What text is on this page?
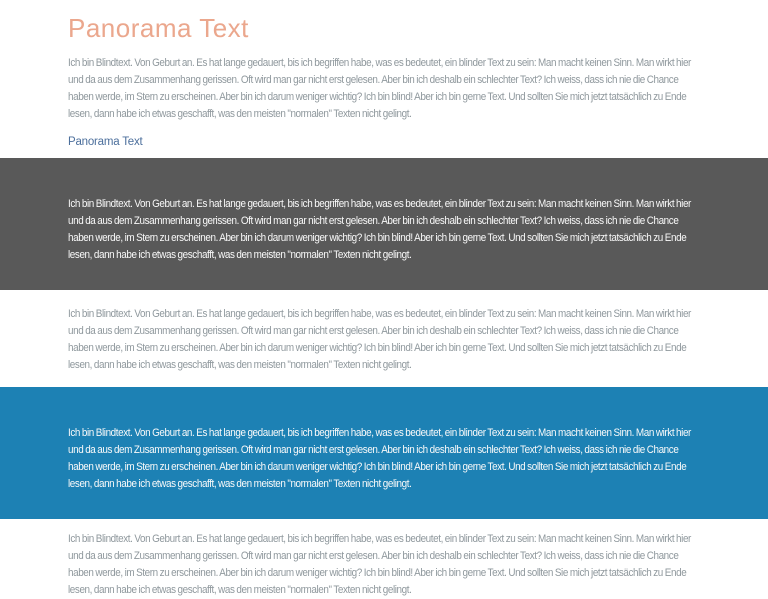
Panorama Text

Ich bin Blindtext. Von Geburt an. Es hat lange gedauert, bis ich begriffen habe, was es bedeutet, ein blinder Text zu sein: Man macht keinen Sinn. Man wirkt hier und da aus dem Zusammenhang gerissen. Oft wird man gar nicht erst gelesen. Aber bin ich deshalb ein schlechter Text? Ich weiss, dass ich nie die Chance haben werde, im Stern zu erscheinen. Aber bin ich darum weniger wichtig? Ich bin blind! Aber ich bin gerne Text. Und sollten Sie mich jetzt tatsächlich zu Ende lesen, dann habe ich etwas geschafft, was den meisten "normalen" Texten nicht gelingt.

Panorama Text

Ich bin Blindtext. Von Geburt an. Es hat lange gedauert, bis ich begriffen habe, was es bedeutet, ein blinder Text zu sein: Man macht keinen Sinn. Man wirkt hier und da aus dem Zusammenhang gerissen. Oft wird man gar nicht erst gelesen. Aber bin ich deshalb ein schlechter Text? Ich weiss, dass ich nie die Chance haben werde, im Stern zu erscheinen. Aber bin ich darum weniger wichtig? Ich bin blind! Aber ich bin gerne Text. Und sollten Sie mich jetzt tatsächlich zu Ende lesen, dann habe ich etwas geschafft, was den meisten "normalen" Texten nicht gelingt.

Ich bin Blindtext. Von Geburt an. Es hat lange gedauert, bis ich begriffen habe, was es bedeutet, ein blinder Text zu sein: Man macht keinen Sinn. Man wirkt hier und da aus dem Zusammenhang gerissen. Oft wird man gar nicht erst gelesen. Aber bin ich deshalb ein schlechter Text? Ich weiss, dass ich nie die Chance haben werde, im Stern zu erscheinen. Aber bin ich darum weniger wichtig? Ich bin blind! Aber ich bin gerne Text. Und sollten Sie mich jetzt tatsächlich zu Ende lesen, dann habe ich etwas geschafft, was den meisten "normalen" Texten nicht gelingt.

Ich bin Blindtext. Von Geburt an. Es hat lange gedauert, bis ich begriffen habe, was es bedeutet, ein blinder Text zu sein: Man macht keinen Sinn. Man wirkt hier und da aus dem Zusammenhang gerissen. Oft wird man gar nicht erst gelesen. Aber bin ich deshalb ein schlechter Text? Ich weiss, dass ich nie die Chance haben werde, im Stern zu erscheinen. Aber bin ich darum weniger wichtig? Ich bin blind! Aber ich bin gerne Text. Und sollten Sie mich jetzt tatsächlich zu Ende lesen, dann habe ich etwas geschafft, was den meisten "normalen" Texten nicht gelingt.

Ich bin Blindtext. Von Geburt an. Es hat lange gedauert, bis ich begriffen habe, was es bedeutet, ein blinder Text zu sein: Man macht keinen Sinn. Man wirkt hier und da aus dem Zusammenhang gerissen. Oft wird man gar nicht erst gelesen. Aber bin ich deshalb ein schlechter Text? Ich weiss, dass ich nie die Chance haben werde, im Stern zu erscheinen. Aber bin ich darum weniger wichtig? Ich bin blind! Aber ich bin gerne Text. Und sollten Sie mich jetzt tatsächlich zu Ende lesen, dann habe ich etwas geschafft, was den meisten "normalen" Texten nicht gelingt.
